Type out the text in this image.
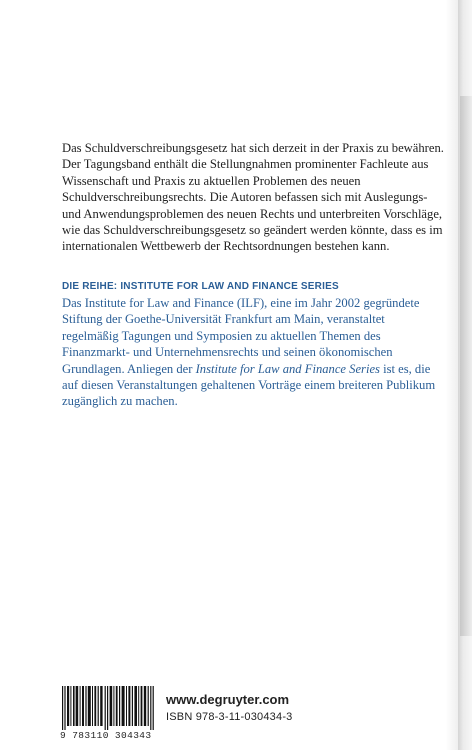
Das Schuldverschreibungsgesetz hat sich derzeit in der Praxis zu bewähren. Der Tagungsband enthält die Stellungnahmen prominenter Fachleute aus Wissenschaft und Praxis zu aktuellen Problemen des neuen Schuldverschreibungsrechts. Die Autoren befassen sich mit Auslegungs- und Anwendungsproblemen des neuen Rechts und unterbreiten Vorschläge, wie das Schuldverschreibungsgesetz so geändert werden könnte, dass es im internationalen Wettbewerb der Rechtsordnungen bestehen kann.

DIE REIHE: INSTITUTE FOR LAW AND FINANCE SERIES

Das Institute for Law and Finance (ILF), eine im Jahr 2002 gegründete Stiftung der Goethe-Universität Frankfurt am Main, veranstaltet regelmäßig Tagungen und Symposien zu aktuellen Themen des Finanzmarkt- und Unternehmensrechts und seinen ökonomischen Grundlagen. Anliegen der Institute for Law and Finance Series ist es, die auf diesen Veranstaltungen gehaltenen Vorträge einem breiteren Publikum zugänglich zu machen.

9 783110 304343
www.degruyter.com
ISBN 978-3-11-030434-3
